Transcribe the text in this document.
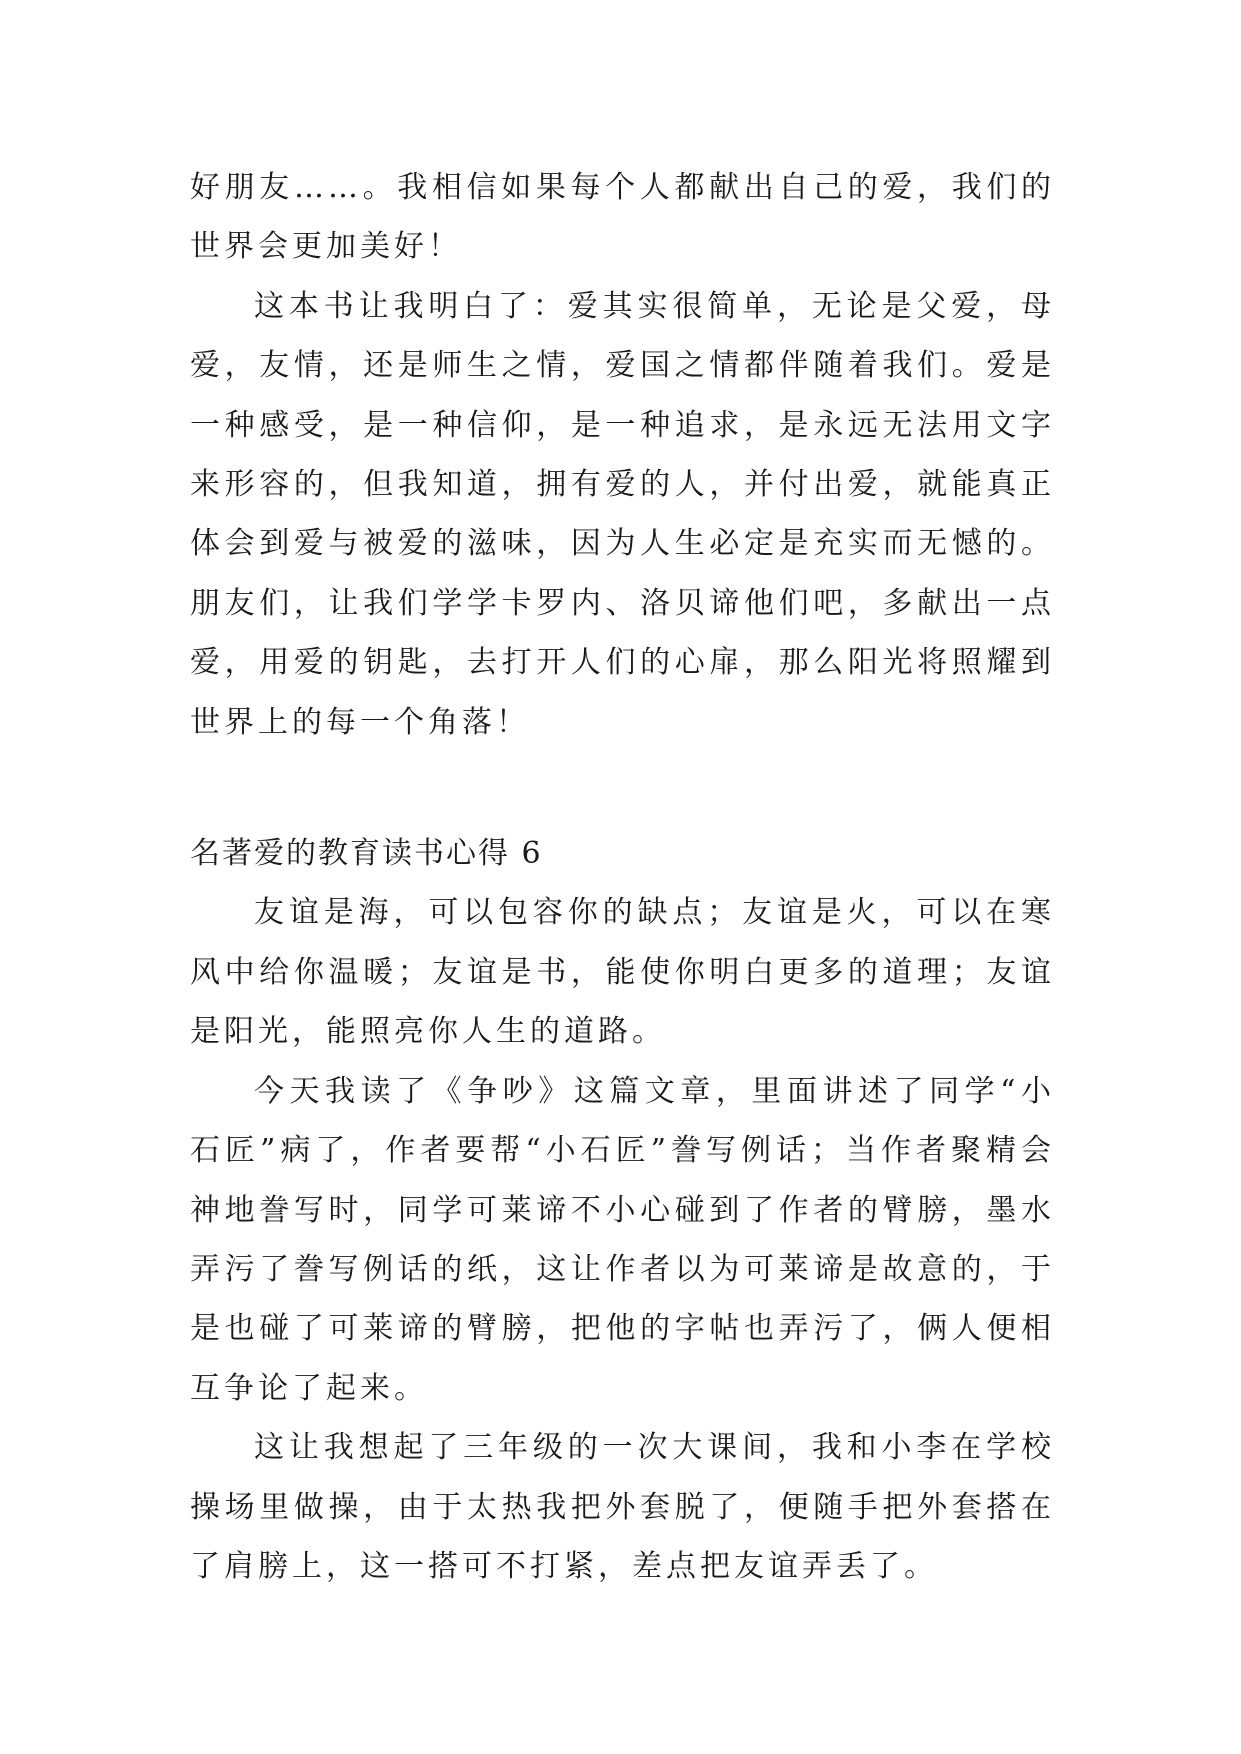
好朋友……。我相信如果每个人都献出自己的爱，我们的世界会更加美好！

这本书让我明白了：爱其实很简单，无论是父爱，母爱，友情，还是师生之情，爱国之情都伴随着我们。爱是一种感受，是一种信仰，是一种追求，是永远无法用文字来形容的，但我知道，拥有爱的人，并付出爱，就能真正体会到爱与被爱的滋味，因为人生必定是充实而无憾的。朋友们，让我们学学卡罗内、洛贝谛他们吧，多献出一点爱，用爱的钥匙，去打开人们的心扉，那么阳光将照耀到世界上的每一个角落！

名著爱的教育读书心得 6

友谊是海，可以包容你的缺点；友谊是火，可以在寒风中给你温暖；友谊是书，能使你明白更多的道理；友谊是阳光，能照亮你人生的道路。

今天我读了《争吵》这篇文章，里面讲述了同学“小石匠”病了，作者要帮“小石匠”誊写例话；当作者聚精会神地誊写时，同学可莱谛不小心碰到了作者的臂膀，墨水弄污了誊写例话的纸，这让作者以为可莱谛是故意的，于是也碰了可莱谛的臂膀，把他的字帖也弄污了，俩人便相互争论了起来。

这让我想起了三年级的一次大课间，我和小李在学校操场里做操，由于太热我把外套脱了，便随手把外套搭在了肩膀上，这一搭可不打紧，差点把友谊弄丢了。
